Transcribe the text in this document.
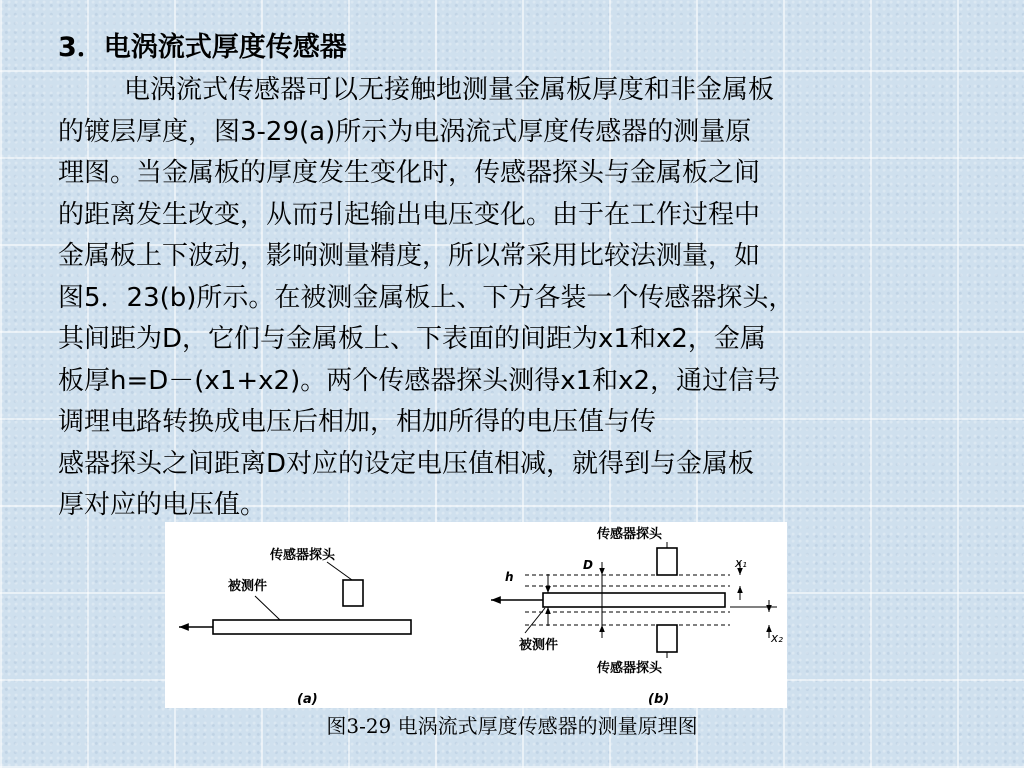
3．电涡流式厚度传感器
电涡流式传感器可以无接触地测量金属板厚度和非金属板
的镀层厚度，图3-29(a)所示为电涡流式厚度传感器的测量原
理图。当金属板的厚度发生变化时，传感器探头与金属板之间
的距离发生改变，从而引起输出电压变化。由于在工作过程中
金属板上下波动，影响测量精度，所以常采用比较法测量，如
图5．23(b)所示。在被测金属板上、下方各装一个传感器探头，
其间距为D，它们与金属板上、下表面的间距为x1和x2，金属
板厚h=D－(x1+x2)。两个传感器探头测得x1和x2，通过信号
调理电路转换成电压后相加，相加所得的电压值与传
感器探头之间距离D对应的设定电压值相减，就得到与金属板
厚对应的电压值。
传感器探头
被测件
(a)
传感器探头
h
D	x₁
x₂
传感器探头
被测件
(b)
图3-29 电涡流式厚度传感器的测量原理图
